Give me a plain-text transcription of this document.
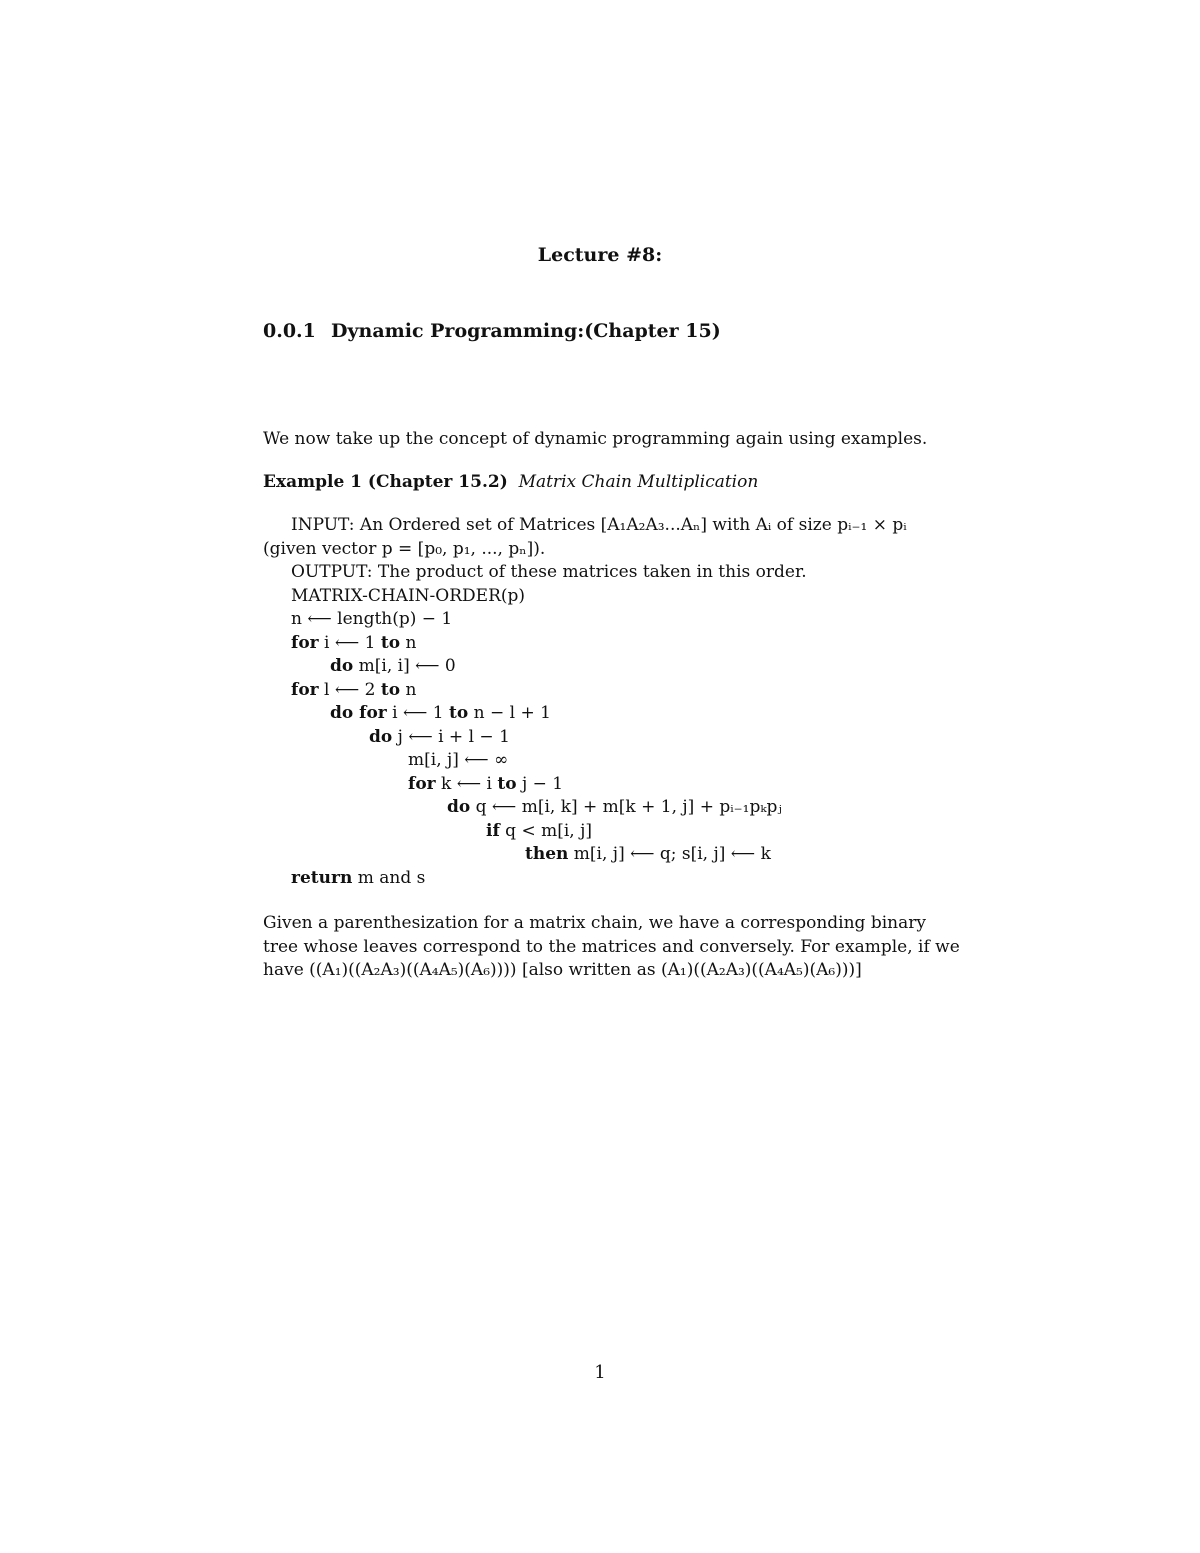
Lecture #8:
0.0.1 Dynamic Programming:(Chapter 15)
We now take up the concept of dynamic programming again using examples.
Example 1 (Chapter 15.2) Matrix Chain Multiplication
INPUT: An Ordered set of Matrices [A₁A₂A₃...Aₙ] with Aᵢ of size pᵢ₋₁ × pᵢ
(given vector p = [p₀, p₁, ..., pₙ]).
OUTPUT: The product of these matrices taken in this order.
MATRIX-CHAIN-ORDER(p)
n ⟵ length(p) − 1
for i ⟵ 1 to n
do m[i, i] ⟵ 0
for l ⟵ 2 to n
do for i ⟵ 1 to n − l + 1
do j ⟵ i + l − 1
m[i, j] ⟵ ∞
for k ⟵ i to j − 1
do q ⟵ m[i, k] + m[k + 1, j] + pᵢ₋₁pₖpⱼ
if q < m[i, j]
then m[i, j] ⟵ q; s[i, j] ⟵ k
return m and s
Given a parenthesization for a matrix chain, we have a corresponding binary
tree whose leaves correspond to the matrices and conversely. For example, if we
have ((A₁)((A₂A₃)((A₄A₅)(A₆)))) [also written as (A₁)((A₂A₃)((A₄A₅)(A₆)))]
1
